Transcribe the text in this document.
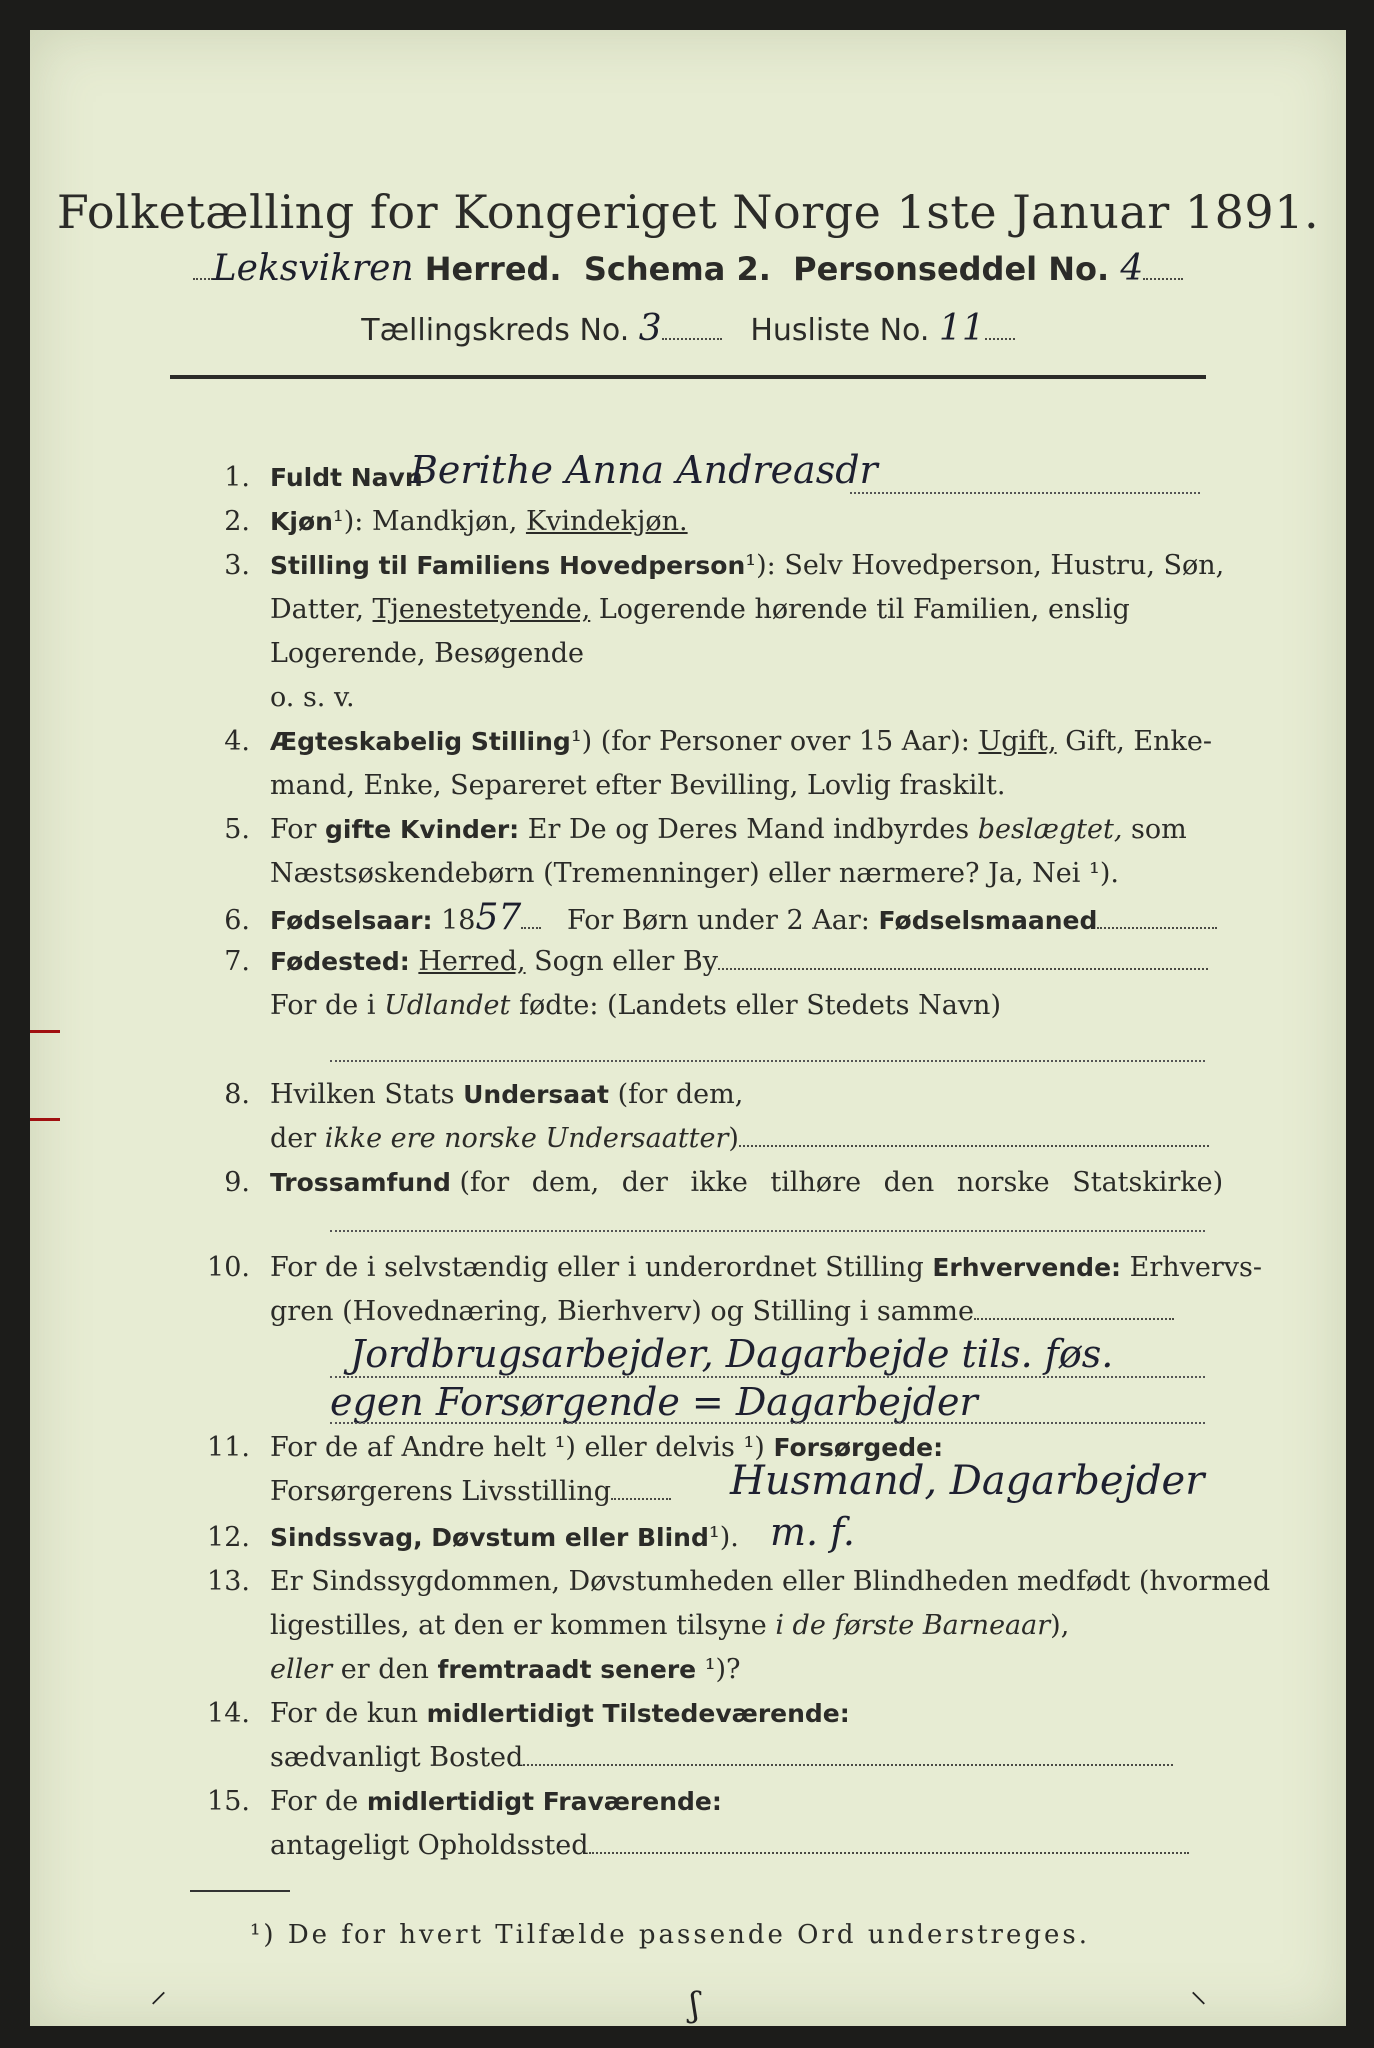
Folketælling for Kongeriget Norge 1ste Januar 1891.
Leksvikren Herred. Schema 2. Personseddel No. 4
Tællingskreds No. 3	Husliste No. 11
1. Fuldt Navn
Berithe Anna Andreasdr
2. Kjøn¹): Mandkjøn, Kvindekjøn.
3. Stilling til Familiens Hovedperson¹): Selv Hovedperson, Hustru, Søn,
Datter, Tjenestetyende, Logerende hørende til Familien, enslig
Logerende, Besøgende
o. s. v.
4. Ægteskabelig Stilling¹) (for Personer over 15 Aar): Ugift, Gift, Enke-
mand, Enke, Separeret efter Bevilling, Lovlig fraskilt.
5. For gifte Kvinder: Er De og Deres Mand indbyrdes beslægtet, som
Næstsøskendebørn (Tremenninger) eller nærmere? Ja, Nei ¹).
6. Fødselsaar: 1857 For Børn under 2 Aar: Fødselsmaaned
7. Fødested: Herred, Sogn eller By
For de i Udlandet fødte: (Landets eller Stedets Navn)
8. Hvilken Stats Undersaat (for dem,
der ikke ere norske Undersaatter)
9. Trossamfund (for dem, der ikke tilhøre den norske Statskirke)
10. For de i selvstændig eller i underordnet Stilling Erhvervende: Erhvervs-
gren (Hovednæring, Bierhverv) og Stilling i samme
Jordbrugsarbejder, Dagarbejde tils. føs.
egen Forsørgende = Dagarbejder
11. For de af Andre helt ¹) eller delvis ¹) Forsørgede:
Forsørgerens Livsstilling	Husmand, Dagarbejder
12. Sindssvag, Døvstum eller Blind¹). m. f.
13. Er Sindssygdommen, Døvstumheden eller Blindheden medfødt (hvormed
ligestilles, at den er kommen tilsyne i de første Barneaar),
eller er den fremtraadt senere ¹)?
14. For de kun midlertidigt Tilstedeværende:
sædvanligt Bosted
15. For de midlertidigt Fraværende:
antageligt Opholdssted
¹) De for hvert Tilfælde passende Ord understreges.
⸍	ʃ	⸌
